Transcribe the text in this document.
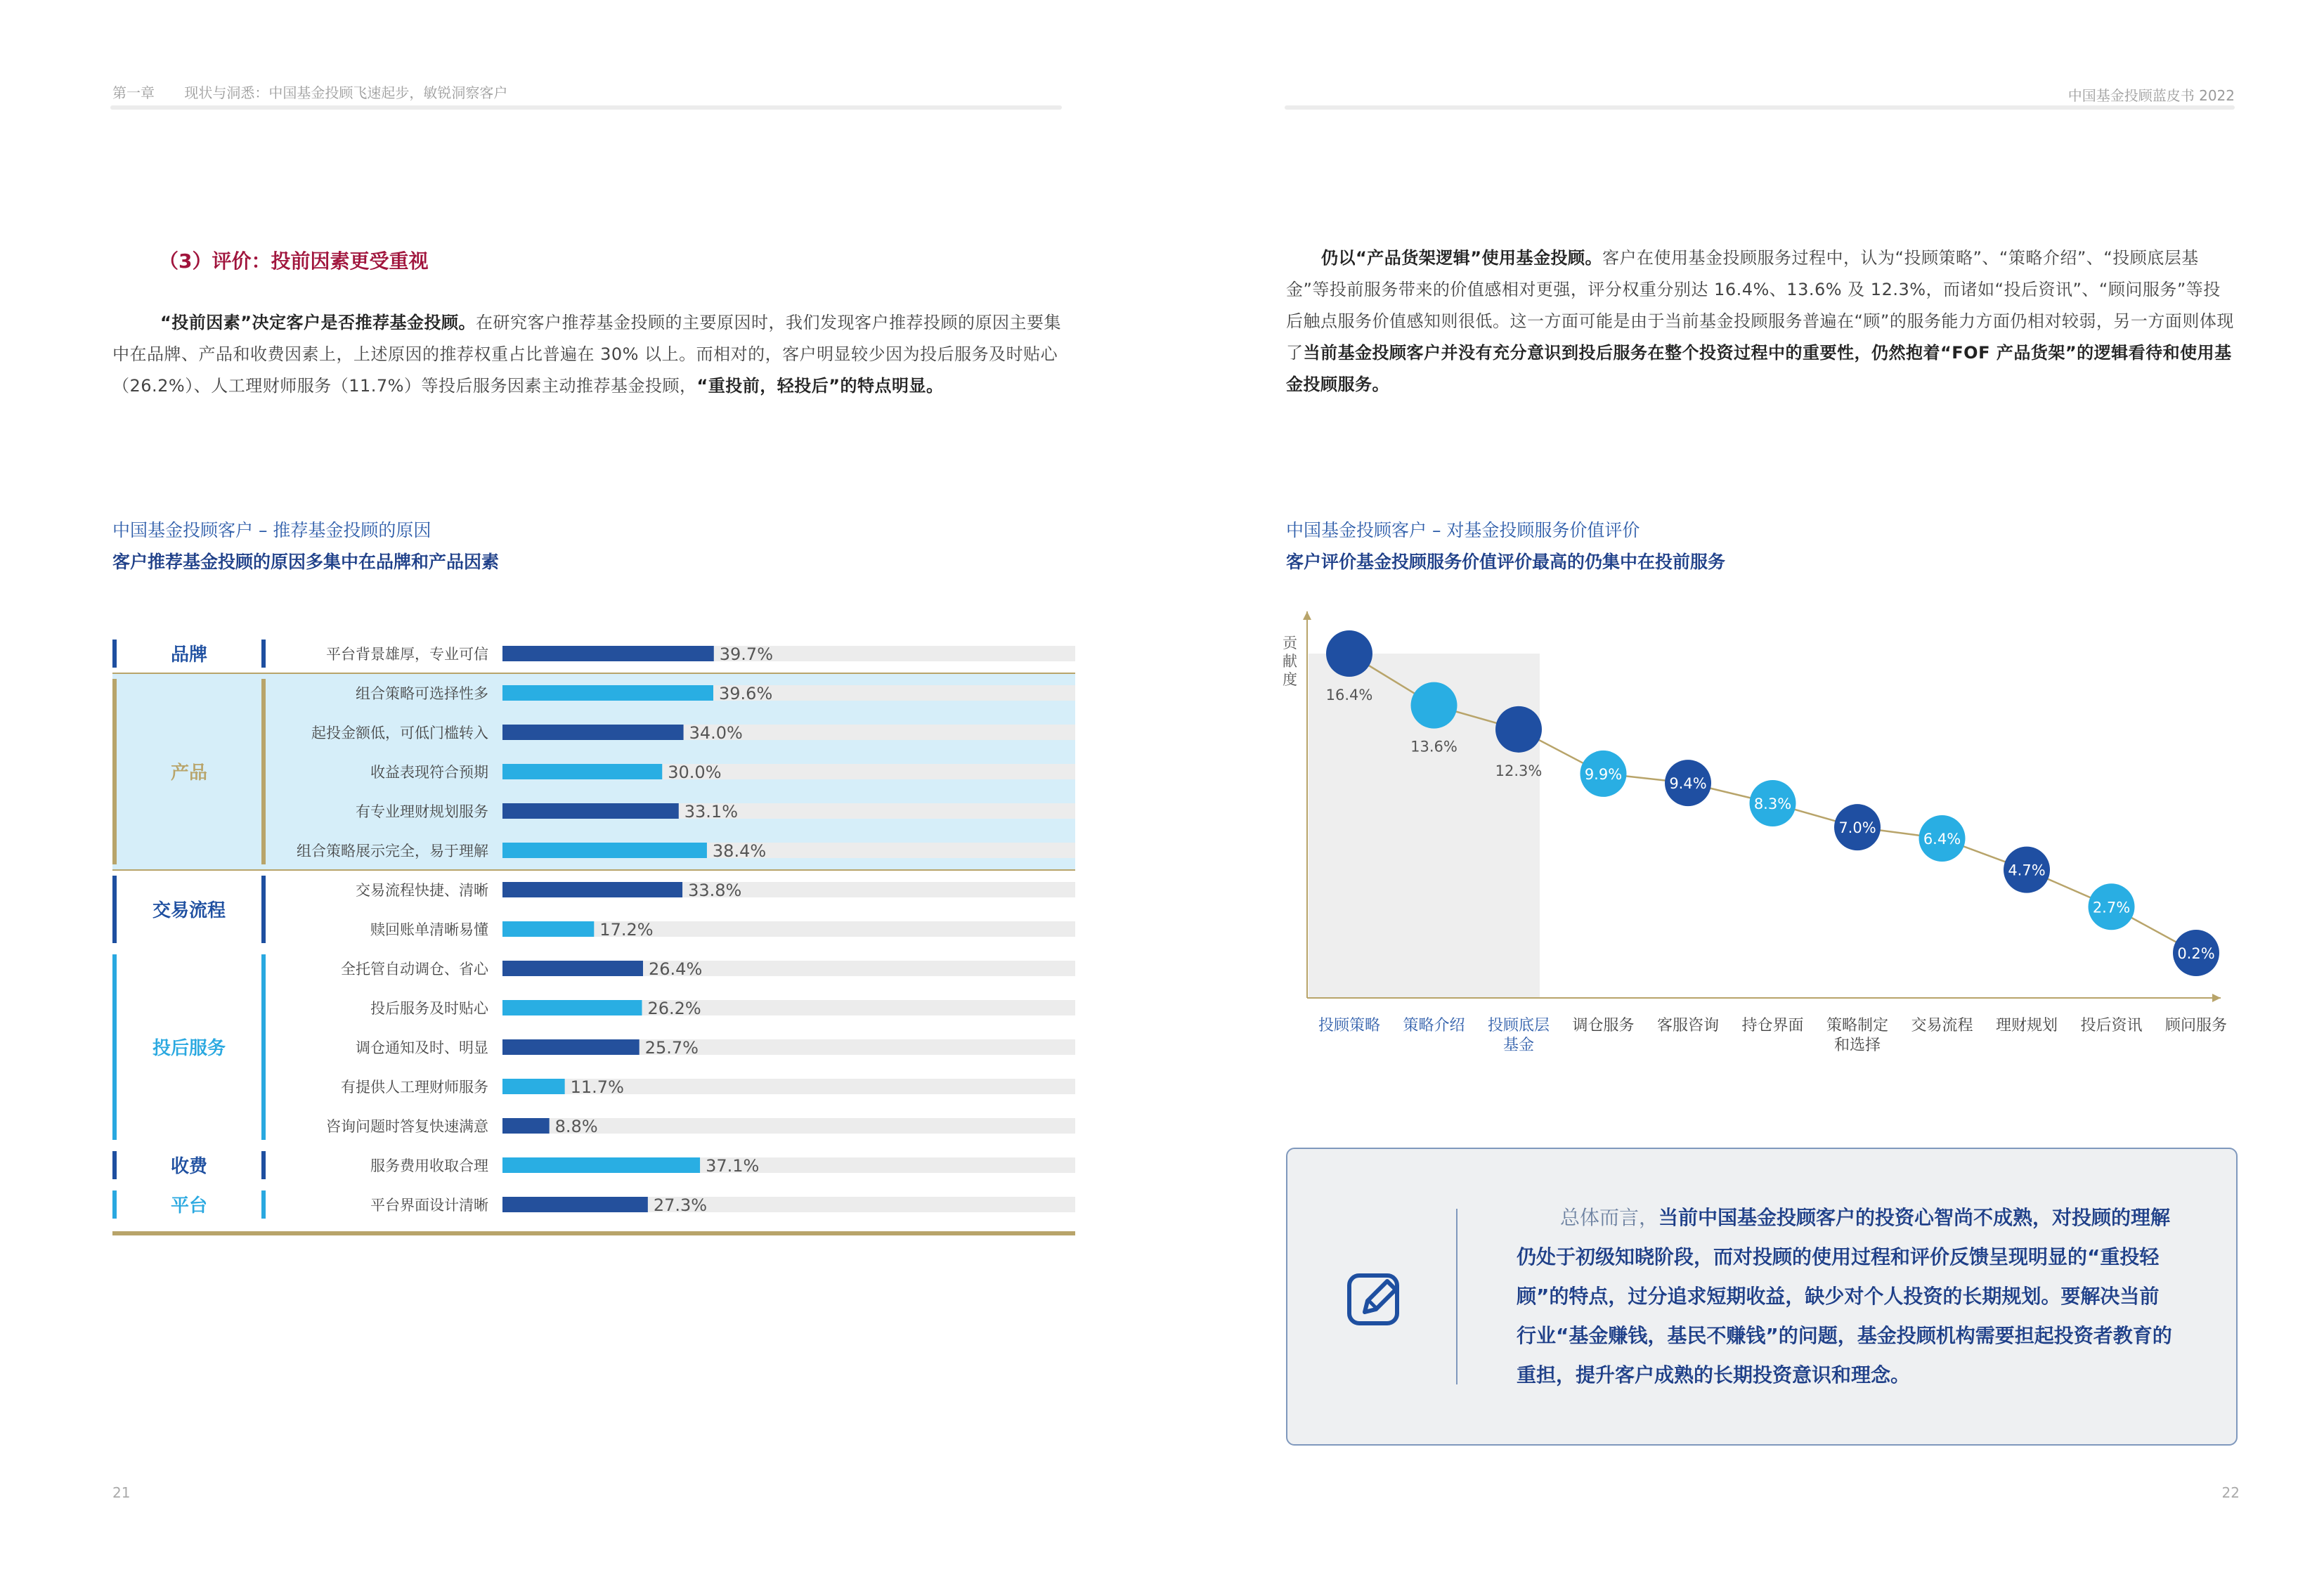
第一章 现状与洞悉：中国基金投顾飞速起步，敏锐洞察客户	中国基金投顾蓝皮书 2022
（3）评价：投前因素更受重视
“投前因素”决定客户是否推荐基金投顾。在研究客户推荐基金投顾的主要原因时，我们发现客户推荐投顾的原因主要集中在品牌、产品和收费因素上，上述原因的推荐权重占比普遍在 30% 以上。而相对的，客户明显较少因为投后服务及时贴心（26.2%）、人工理财师服务（11.7%）等投后服务因素主动推荐基金投顾，“重投前，轻投后”的特点明显。
中国基金投顾客户 – 推荐基金投顾的原因
客户推荐基金投顾的原因多集中在品牌和产品因素
品牌	平台背景雄厚，专业可信	39.7%
产品
组合策略可选择性多	39.6%
起投金额低，可低门槛转入	34.0%
收益表现符合预期	30.0%
有专业理财规划服务	33.1%
组合策略展示完全，易于理解	38.4%
交易流程
交易流程快捷、清晰	33.8%
赎回账单清晰易懂	17.2%
投后服务
全托管自动调仓、省心	26.4%
投后服务及时贴心	26.2%
调仓通知及时、明显	25.7%
有提供人工理财师服务	11.7%
咨询问题时答复快速满意	8.8%
收费	服务费用收取合理	37.1%
平台	平台界面设计清晰	27.3%
21
仍以“产品货架逻辑”使用基金投顾。客户在使用基金投顾服务过程中，认为“投顾策略”、“策略介绍”、“投顾底层基金”等投前服务带来的价值感相对更强，评分权重分别达 16.4%、13.6% 及 12.3%，而诸如“投后资讯”、“顾问服务”等投后触点服务价值感知则很低。这一方面可能是由于当前基金投顾服务普遍在“顾”的服务能力方面仍相对较弱，另一方面则体现了当前基金投顾客户并没有充分意识到投后服务在整个投资过程中的重要性，仍然抱着“FOF 产品货架”的逻辑看待和使用基金投顾服务。
中国基金投顾客户 – 对基金投顾服务价值评价
客户评价基金投顾服务价值评价最高的仍集中在投前服务
贡
献
度
16.4%
13.6%
12.3%	9.9%
9.4%
8.3%
7.0%
6.4%
4.7%
2.7%
0.2%
投顾策略 策略介绍 投顾底层
基金
调仓服务 客服咨询 持仓界面 策略制定
和选择
交易流程 理财规划 投后资讯 顾问服务
总体而言，当前中国基金投顾客户的投资心智尚不成熟，对投顾的理解仍处于初级知晓阶段，而对投顾的使用过程和评价反馈呈现明显的“重投轻顾”的特点，过分追求短期收益，缺少对个人投资的长期规划。要解决当前行业“基金赚钱，基民不赚钱”的问题，基金投顾机构需要担起投资者教育的重担，提升客户成熟的长期投资意识和理念。
22
